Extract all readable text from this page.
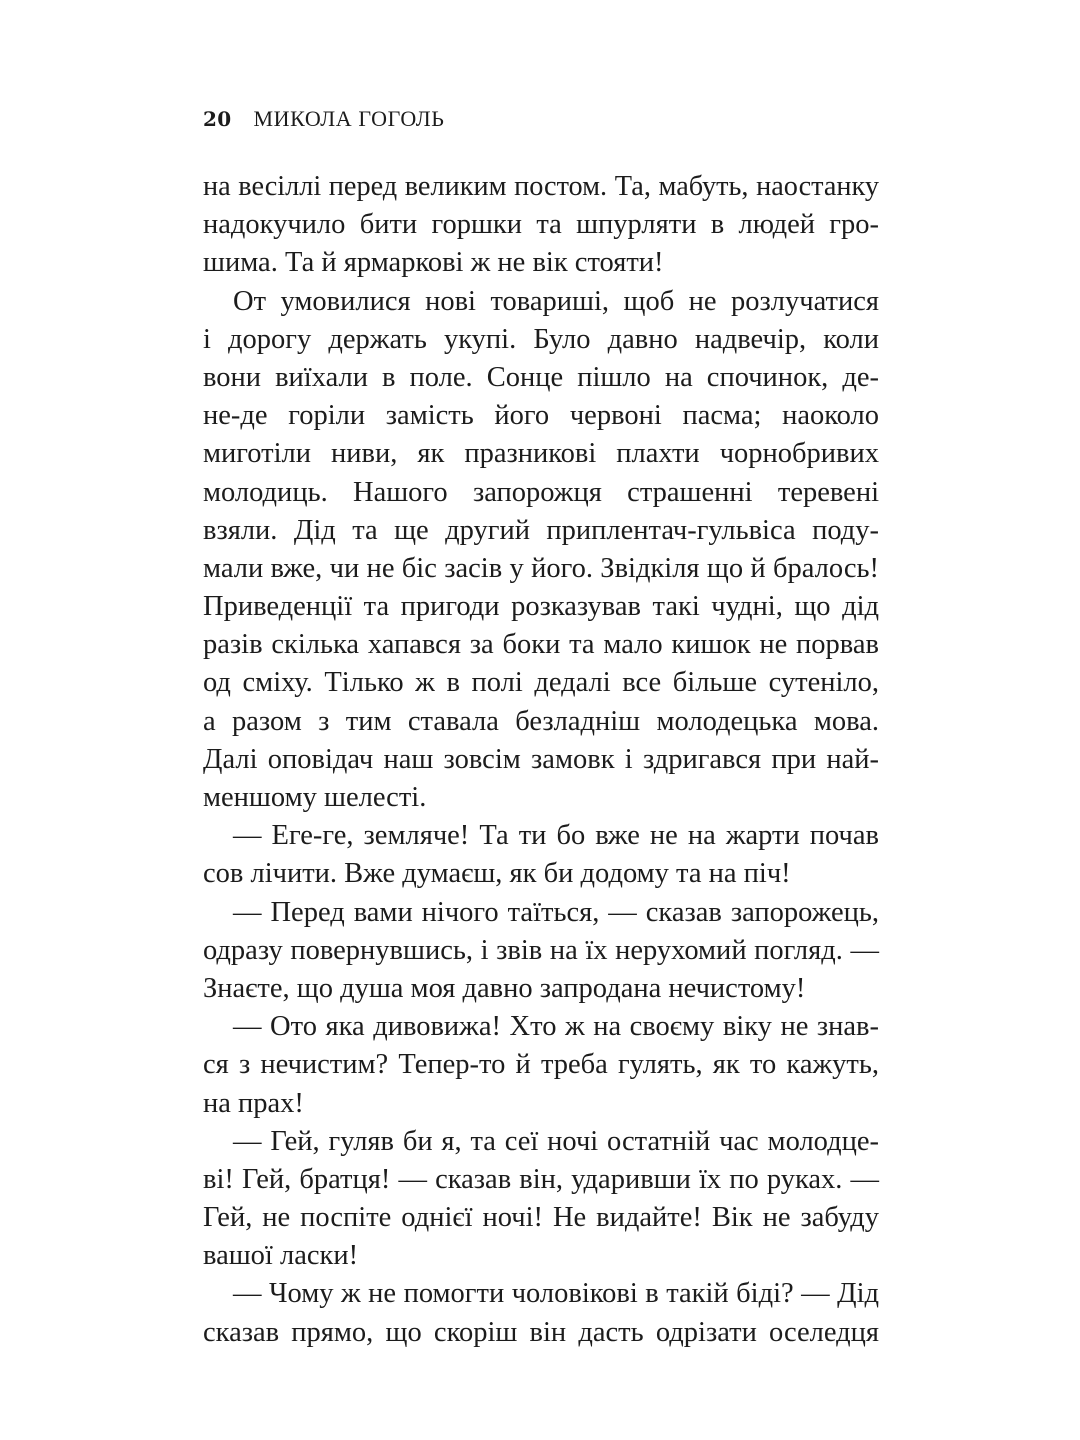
20 МИКОЛА ГОГОЛЬ
на весіллі перед великим постом. Та, мабуть, наостанку
надокучило бити горшки та шпурляти в людей гро-
шима. Та й ярмаркові ж не вік стояти!
От умовилися нові товариші, щоб не розлучатися
і дорогу держать укупі. Було давно надвечір, коли
вони виїхали в поле. Сонце пішло на спочинок, де-
не-де горіли замість його червоні пасма; наоколо
миготіли ниви, як празникові плахти чорнобривих
молодиць. Нашого запорожця страшенні теревені
взяли. Дід та ще другий приплентач-гульвіса поду-
мали вже, чи не біс засів у його. Звідкіля що й бралось!
Приведенції та пригоди розказував такі чудні, що дід
разів скілька хапався за боки та мало кишок не порвав
од сміху. Тілько ж в полі дедалі все більше сутеніло,
а разом з тим ставала безладніш молодецька мова.
Далі оповідач наш зовсім замовк і здригався при най-
меншому шелесті.
— Еге-ге, земляче! Та ти бо вже не на жарти почав
сов лічити. Вже думаєш, як би додому та на піч!
— Перед вами нічого таїться, — сказав запорожець,
одразу повернувшись, і звів на їх нерухомий погляд. —
Знаєте, що душа моя давно запродана нечистому!
— Ото яка дивовижа! Хто ж на своєму віку не знав-
ся з нечистим? Тепер-то й треба гулять, як то кажуть,
на прах!
— Гей, гуляв би я, та сеї ночі остатній час молодце-
ві! Гей, братця! — сказав він, ударивши їх по руках. —
Гей, не поспіте однієї ночі! Не видайте! Вік не забуду
вашої ласки!
— Чому ж не помогти чоловікові в такій біді? — Дід
сказав прямо, що скоріш він дасть одрізати оселедця
